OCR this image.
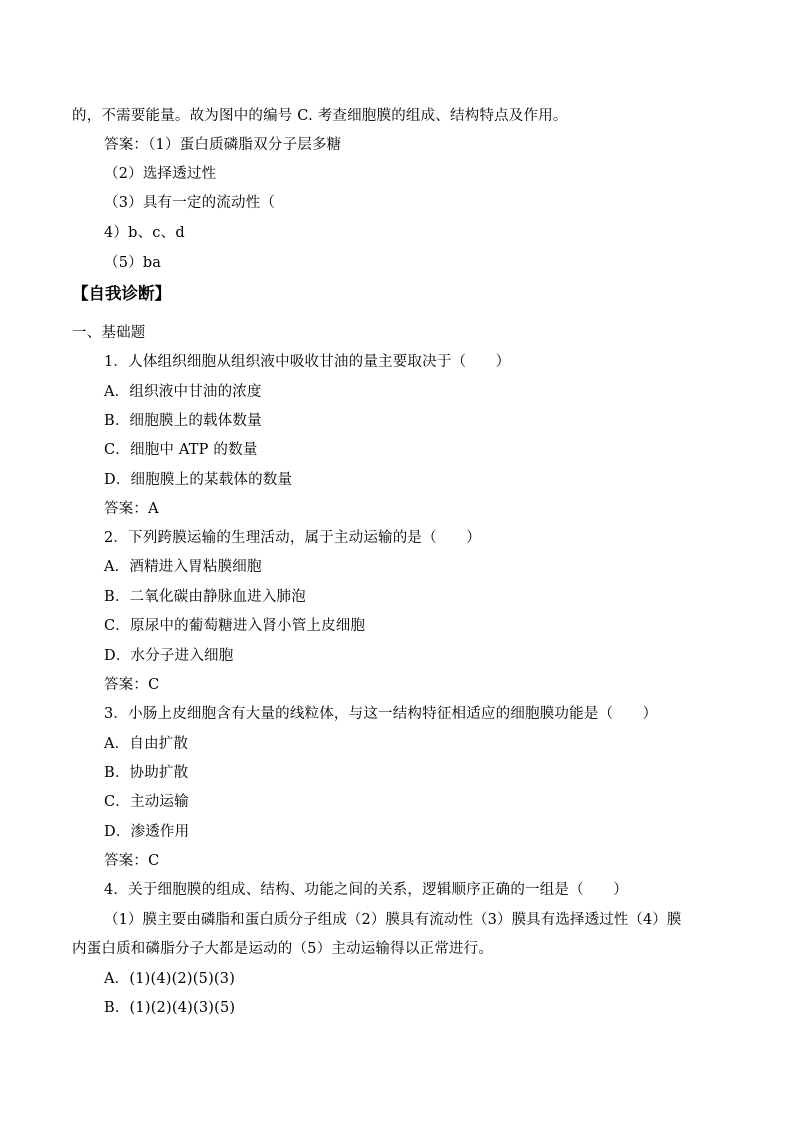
的，不需要能量。故为图中的编号 C. 考查细胞膜的组成、结构特点及作用。
答案：（1）蛋白质磷脂双分子层多糖
（2）选择透过性
（3）具有一定的流动性（
4）b、c、d
（5）ba
【自我诊断】
一、基础题
1．人体组织细胞从组织液中吸收甘油的量主要取决于（　　）
A．组织液中甘油的浓度
B．细胞膜上的载体数量
C．细胞中 ATP 的数量
D．细胞膜上的某载体的数量
答案：A
2．下列跨膜运输的生理活动，属于主动运输的是（　　）
A．酒精进入胃粘膜细胞
B．二氧化碳由静脉血进入肺泡
C．原尿中的葡萄糖进入肾小管上皮细胞
D．水分子进入细胞
答案：C
3．小肠上皮细胞含有大量的线粒体，与这一结构特征相适应的细胞膜功能是（　　）
A．自由扩散
B．协助扩散
C．主动运输
D．渗透作用
答案：C
4．关于细胞膜的组成、结构、功能之间的关系，逻辑顺序正确的一组是（　　）
（1）膜主要由磷脂和蛋白质分子组成（2）膜具有流动性（3）膜具有选择透过性（4）膜
内蛋白质和磷脂分子大都是运动的（5）主动运输得以正常进行。
A．(1)(4)(2)(5)(3)
B．(1)(2)(4)(3)(5)
